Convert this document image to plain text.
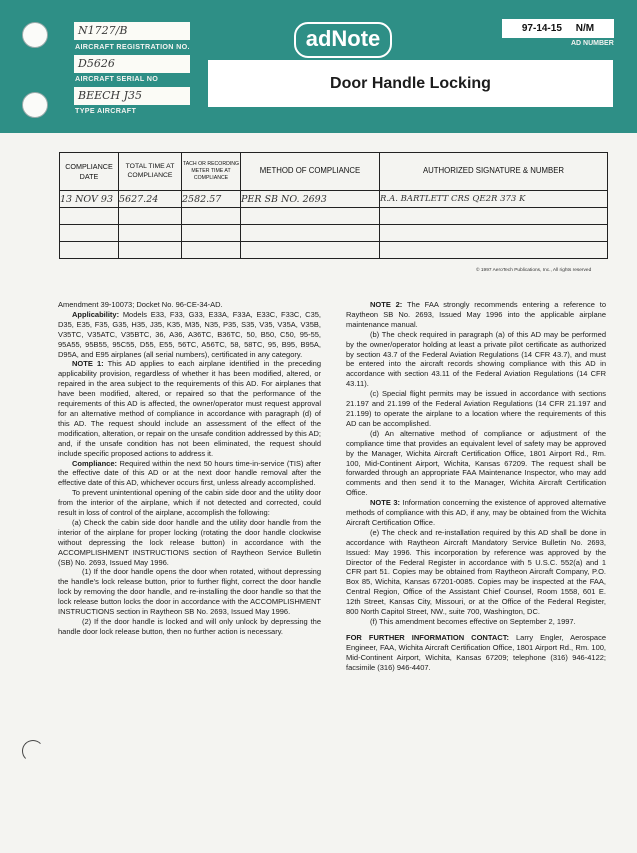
N1727/B
AIRCRAFT REGISTRATION NO.
D5626
AIRCRAFT SERIAL NO
BEECH J35
TYPE AIRCRAFT
adNote
Door Handle Locking
97-14-15 N/M
AD NUMBER
COMPLIANCE DATE	TOTAL TIME AT COMPLIANCE	TACH OR RECORDING METER TIME AT COMPLIANCE	METHOD OF COMPLIANCE	AUTHORIZED SIGNATURE & NUMBER
13 NOV 93	5627.24	2582.57	PER SB NO. 2693	R.A. BARTLETT CRS QE2R 373 K

© 1997 AeroTech Publications, Inc., All rights reserved

Amendment 39-10073; Docket No. 96-CE-34-AD.

Applicability: Models E33, F33, G33, E33A, F33A, E33C, F33C, C35, D35, E35, F35, G35, H35, J35, K35, M35, N35, P35, S35, V35, V35A, V35B, V35TC, V35ATC, V35BTC, 36, A36, A36TC, B36TC, 50, B50, C50, 95-55, 95A55, 95B55, 95C55, D55, E55, 56TC, A56TC, 58, 58TC, 95, B95, B95A, D95A, and E95 airplanes (all serial numbers), certificated in any category.

NOTE 1: This AD applies to each airplane identified in the preceding applicability provision, regardless of whether it has been modified, altered, or repaired in the area subject to the requirements of this AD. For airplanes that have been modified, altered, or repaired so that the performance of the requirements of this AD is affected, the owner/operator must request approval for an alternative method of compliance in accordance with paragraph (d) of this AD. The request should include an assessment of the effect of the modification, alteration, or repair on the unsafe condition addressed by this AD; and, if the unsafe condition has not been eliminated, the request should include specific proposed actions to address it.

Compliance: Required within the next 50 hours time-in-service (TIS) after the effective date of this AD or at the next door handle removal after the effective date of this AD, whichever occurs first, unless already accomplished.

To prevent unintentional opening of the cabin side door and the utility door from the interior of the airplane, which if not detected and corrected, could result in loss of control of the airplane, accomplish the following:

(a) Check the cabin side door handle and the utility door handle from the interior of the airplane for proper locking (rotating the door handle clockwise without depressing the lock release button) in accordance with the ACCOMPLISHMENT INSTRUCTIONS section of Raytheon Service Bulletin (SB) No. 2693, Issued May 1996.

(1) If the door handle opens the door when rotated, without depressing the handle's lock release button, prior to further flight, correct the door handle lock by removing the door handle, and re-installing the door handle so that the lock release button locks the door in accordance with the ACCOMPLISHMENT INSTRUCTIONS section in Raytheon SB No. 2693, Issued May 1996.

(2) If the door handle is locked and will only unlock by depressing the handle door lock release button, then no further action is necessary.

NOTE 2: The FAA strongly recommends entering a reference to Raytheon SB No. 2693, Issued May 1996 into the applicable airplane maintenance manual.

(b) The check required in paragraph (a) of this AD may be performed by the owner/operator holding at least a private pilot certificate as authorized by section 43.7 of the Federal Aviation Regulations (14 CFR 43.7), and must be entered into the aircraft records showing compliance with this AD in accordance with section 43.11 of the Federal Aviation Regulations (14 CFR 43.11).

(c) Special flight permits may be issued in accordance with sections 21.197 and 21.199 of the Federal Aviation Regulations (14 CFR 21.197 and 21.199) to operate the airplane to a location where the requirements of this AD can be accomplished.

(d) An alternative method of compliance or adjustment of the compliance time that provides an equivalent level of safety may be approved by the Manager, Wichita Aircraft Certification Office, 1801 Airport Rd., Rm. 100, Mid-Continent Airport, Wichita, Kansas 67209. The request shall be forwarded through an appropriate FAA Maintenance Inspector, who may add comments and then send it to the Manager, Wichita Aircraft Certification Office.

NOTE 3: Information concerning the existence of approved alternative methods of compliance with this AD, if any, may be obtained from the Wichita Aircraft Certification Office.

(e) The check and re-installation required by this AD shall be done in accordance with Raytheon Aircraft Mandatory Service Bulletin No. 2693, Issued: May 1996. This incorporation by reference was approved by the Director of the Federal Register in accordance with 5 U.S.C. 552(a) and 1 CFR part 51. Copies may be obtained from Raytheon Aircraft Company, P.O. Box 85, Wichita, Kansas 67201-0085. Copies may be inspected at the FAA, Central Region, Office of the Assistant Chief Counsel, Room 1558, 601 E. 12th Street, Kansas City, Missouri, or at the Office of the Federal Register, 800 North Capitol Street, NW., suite 700, Washington, DC.

(f) This amendment becomes effective on September 2, 1997.

FOR FURTHER INFORMATION CONTACT: Larry Engler, Aerospace Engineer, FAA, Wichita Aircraft Certification Office, 1801 Airport Rd., Rm. 100, Mid-Continent Airport, Wichita, Kansas 67209; telephone (316) 946-4122; facsimile (316) 946-4407.
